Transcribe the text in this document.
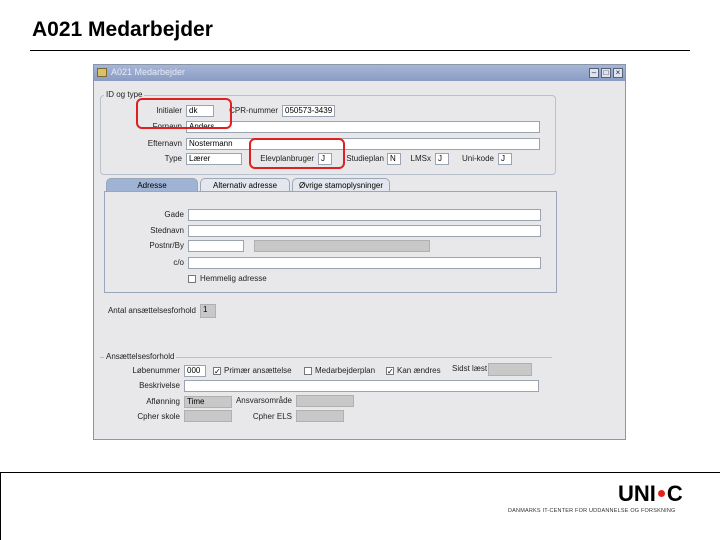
A021 Medarbejder
A021 Medarbejder	– □ ×
ID og type
Initialer dk	CPR-nummer 050573-3439
Fornavn Anders
Efternavn Nostermann
Type Lærer	Elevplanbruger J	Studieplan N	LMSx J	Uni-kode J
Adresse	Alternativ adresse	Øvrige stamoplysninger
Gade
Stednavn
Postnr/By
c/o
Hemmelig adresse
Antal ansættelsesforhold 1
Ansættelsesforhold
Løbenummer 000	✓ Primær ansættelse	Medarbejderplan ✓ Kan ændres Sidst læst
Beskrivelse
Aflønning Time	Ansvarsområde
Cpher skole	Cpher ELS
UNI C
DANMARKS IT-CENTER FOR UDDANNELSE OG FORSKNING
